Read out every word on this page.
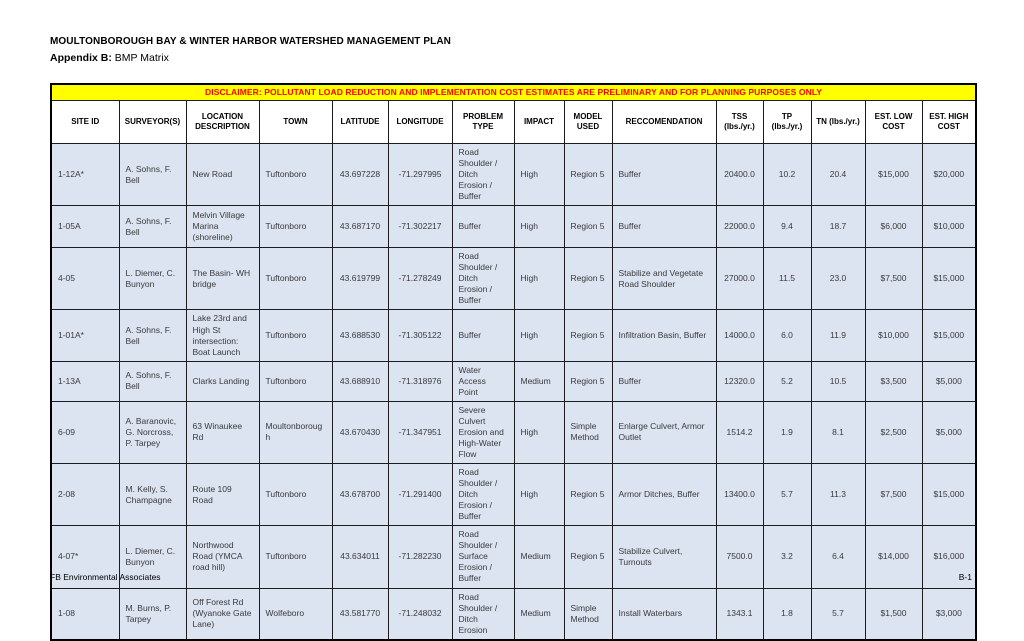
MOULTONBOROUGH BAY & WINTER HARBOR WATERSHED MANAGEMENT PLAN
Appendix B: BMP Matrix
DISCLAIMER: POLLUTANT LOAD REDUCTION AND IMPLEMENTATION COST ESTIMATES ARE PRELIMINARY AND FOR PLANNING PURPOSES ONLY														
SITE ID	SURVEYOR(S)	LOCATION DESCRIPTION	TOWN	LATITUDE	LONGITUDE	PROBLEM TYPE	IMPACT	MODEL USED	RECCOMENDATION	TSS (lbs./yr.)	TP (lbs./yr.)	TN (lbs./yr.)	EST. LOW COST	EST. HIGH COST
1-12A*	A. Sohns, F. Bell	New Road	Tuftonboro	43.697228	-71.297995	Road Shoulder / Ditch Erosion / Buffer	High	Region 5	Buffer	20400.0	10.2	20.4	$15,000	$20,000
1-05A	A. Sohns, F. Bell	Melvin Village Marina (shoreline)	Tuftonboro	43.687170	-71.302217	Buffer	High	Region 5	Buffer	22000.0	9.4	18.7	$6,000	$10,000
4-05	L. Diemer, C. Bunyon	The Basin- WH bridge	Tuftonboro	43.619799	-71.278249	Road Shoulder / Ditch Erosion / Buffer	High	Region 5	Stabilize and Vegetate Road Shoulder	27000.0	11.5	23.0	$7,500	$15,000
1-01A*	A. Sohns, F. Bell	Lake 23rd and High St intersection: Boat Launch	Tuftonboro	43.688530	-71.305122	Buffer	High	Region 5	Infiltration Basin, Buffer	14000.0	6.0	11.9	$10,000	$15,000
1-13A	A. Sohns, F. Bell	Clarks Landing	Tuftonboro	43.688910	-71.318976	Water Access Point	Medium	Region 5	Buffer	12320.0	5.2	10.5	$3,500	$5,000
6-09	A. Baranovic, G. Norcross, P. Tarpey	63 Winaukee Rd	Moultonborough	43.670430	-71.347951	Severe Culvert Erosion and High-Water Flow	High	Simple Method	Enlarge Culvert, Armor Outlet	1514.2	1.9	8.1	$2,500	$5,000
2-08	M. Kelly, S. Champagne	Route 109 Road	Tuftonboro	43.678700	-71.291400	Road Shoulder / Ditch Erosion / Buffer	High	Region 5	Armor Ditches, Buffer	13400.0	5.7	11.3	$7,500	$15,000
4-07*	L. Diemer, C. Bunyon	Northwood Road (YMCA road hill)	Tuftonboro	43.634011	-71.282230	Road Shoulder / Surface Erosion / Buffer	Medium	Region 5	Stabilize Culvert, Turnouts	7500.0	3.2	6.4	$14,000	$16,000
1-08	M. Burns, P. Tarpey	Off Forest Rd (Wyanoke Gate Lane)	Wolfeboro	43.581770	-71.248032	Road Shoulder / Ditch Erosion	Medium	Simple Method	Install Waterbars	1343.1	1.8	5.7	$1,500	$3,000
FB Environmental Associates	B-1
